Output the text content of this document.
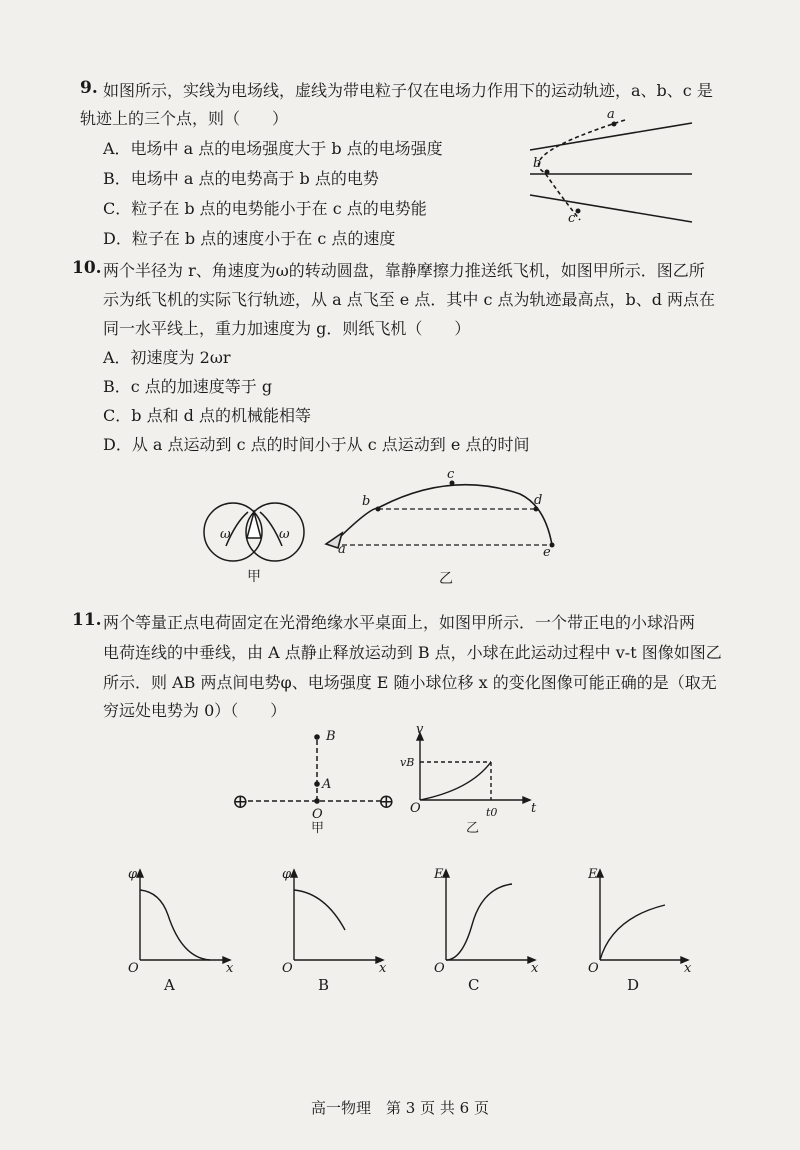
9. 如图所示，实线为电场线，虚线为带电粒子仅在电场力作用下的运动轨迹，a、b、c 是
轨迹上的三个点，则（　　）
A．电场中 a 点的电场强度大于 b 点的电场强度
B．电场中 a 点的电势高于 b 点的电势
C．粒子在 b 点的电势能小于在 c 点的电势能
D．粒子在 b 点的速度小于在 c 点的速度
a
b
c
ω	ω
甲
a
b
c
d
e
乙
⊕	⊕
B
A
O
甲
v
vB
O	t
t0
乙
φ
O	x
A
φ
O	x
B
E
O	x
C
E
O	x
D
10. 两个半径为 r、角速度为ω的转动圆盘，靠静摩擦力推送纸飞机，如图甲所示．图乙所
示为纸飞机的实际飞行轨迹，从 a 点飞至 e 点．其中 c 点为轨迹最高点，b、d 两点在
同一水平线上，重力加速度为 g．则纸飞机（　　）
A．初速度为 2ωr
B．c 点的加速度等于 g
C．b 点和 d 点的机械能相等
D．从 a 点运动到 c 点的时间小于从 c 点运动到 e 点的时间
11. 两个等量正点电荷固定在光滑绝缘水平桌面上，如图甲所示．一个带正电的小球沿两
电荷连线的中垂线，由 A 点静止释放运动到 B 点，小球在此运动过程中 v-t 图像如图乙
所示．则 AB 两点间电势φ、电场强度 E 随小球位移 x 的变化图像可能正确的是（取无
穷远处电势为 0）（　　）
高一物理　第 3 页 共 6 页
